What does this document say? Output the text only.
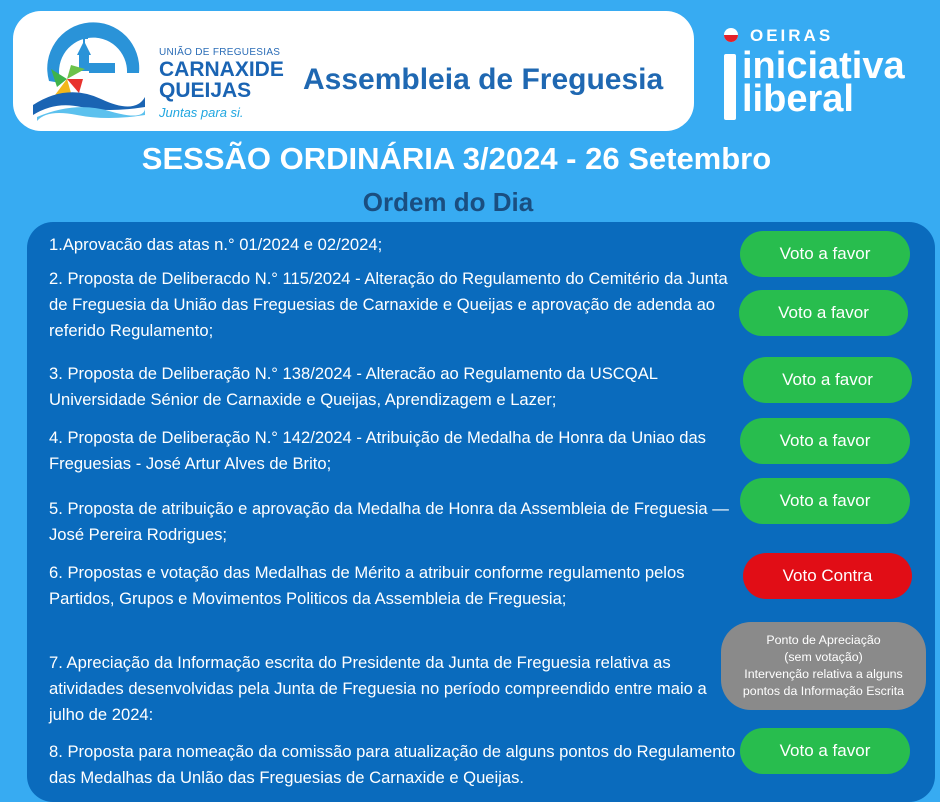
UNIÃO DE FREGUESIAS
CARNAXIDE
QUEIJAS
Juntas para si.
Assembleia de Freguesia
OEIRAS
iniciativa
liberal
SESSÃO ORDINÁRIA 3/2024 - 26 Setembro
Ordem do Dia
1.Aprovacão das atas n.° 01/2024 e 02/2024;	Voto a favor
2. Proposta de Deliberacdo N.° 115/2024 - Alteração do Regulamento do Cemitério da Junta de Freguesia da União das Freguesias de Carnaxide e Queijas e aprovação de adenda ao referido Regulamento;
Voto a favor
3. Proposta de Deliberação N.° 138/2024 - Alteracão ao Regulamento da USCQAL Universidade Sénior de Carnaxide e Queijas, Aprendizagem e Lazer;
Voto a favor
4. Proposta de Deliberação N.° 142/2024 - Atribuição de Medalha de Honra da Uniao das Freguesias - José Artur Alves de Brito;
Voto a favor
5. Proposta de atribuição e aprovação da Medalha de Honra da Assembleia de Freguesia —José Pereira Rodrigues;
Voto a favor
6. Propostas e votação das Medalhas de Mérito a atribuir conforme regulamento pelos Partidos, Grupos e Movimentos Politicos da Assembleia de Freguesia;
Voto Contra
7. Apreciação da Informação escrita do Presidente da Junta de Freguesia relativa as atividades desenvolvidas pela Junta de Freguesia no período compreendido entre maio a julho de 2024:
Ponto de Apreciação
(sem votação)
Intervenção relativa a alguns
pontos da Informação Escrita
8. Proposta para nomeação da comissão para atualização de alguns pontos do Regulamento das Medalhas da Unlão das Freguesias de Carnaxide e Queijas.
Voto a favor
